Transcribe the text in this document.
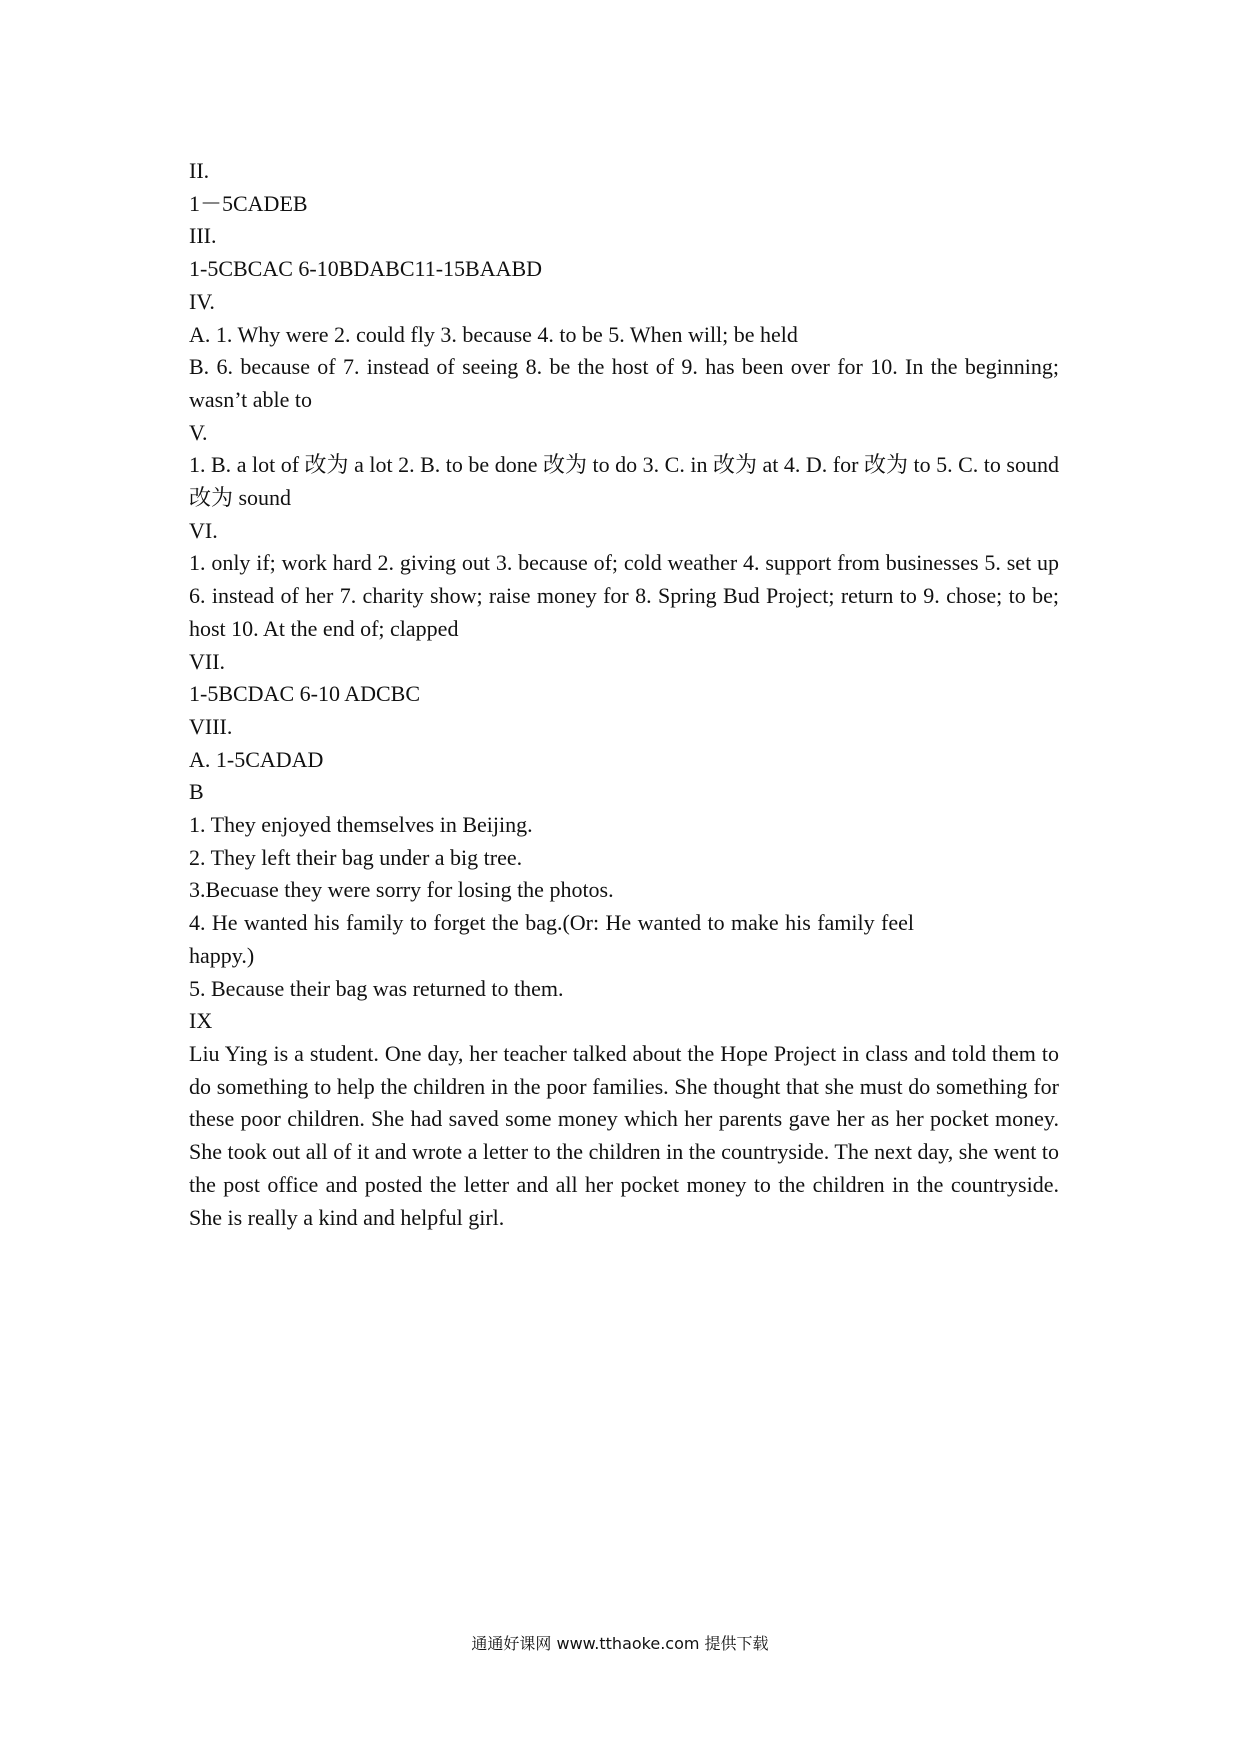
II.
1－5CADEB
III.
1-5CBCAC 6-10BDABC11-15BAABD
IV.
A. 1. Why were 2. could fly 3. because 4. to be 5. When will; be held
B. 6. because of 7. instead of seeing 8. be the host of 9. has been over for 10. In the beginning; wasn’t able to
V.
1. B. a lot of 改为 a lot 2. B. to be done 改为 to do 3. C. in 改为 at 4. D. for 改为 to 5. C. to sound 改为 sound
VI.
1. only if; work hard 2. giving out 3. because of; cold weather 4. support from businesses 5. set up 6. instead of her 7. charity show; raise money for 8. Spring Bud Project; return to 9. chose; to be; host 10. At the end of; clapped
VII.
1-5BCDAC 6-10 ADCBC
VIII.
A. 1-5CADAD
B
1. They enjoyed themselves in Beijing.
2. They left their bag under a big tree.
3.Becuase they were sorry for losing the photos.
4. He wanted his family to forget the bag.(Or: He wanted to make his family feel happy.)
5. Because their bag was returned to them.
IX
Liu Ying is a student. One day, her teacher talked about the Hope Project in class and told them to do something to help the children in the poor families. She thought that she must do something for these poor children. She had saved some money which her parents gave her as her pocket money. She took out all of it and wrote a letter to the children in the countryside. The next day, she went to the post office and posted the letter and all her pocket money to the children in the countryside. She is really a kind and helpful girl.
通通好课网 www.tthaoke.com 提供下载
